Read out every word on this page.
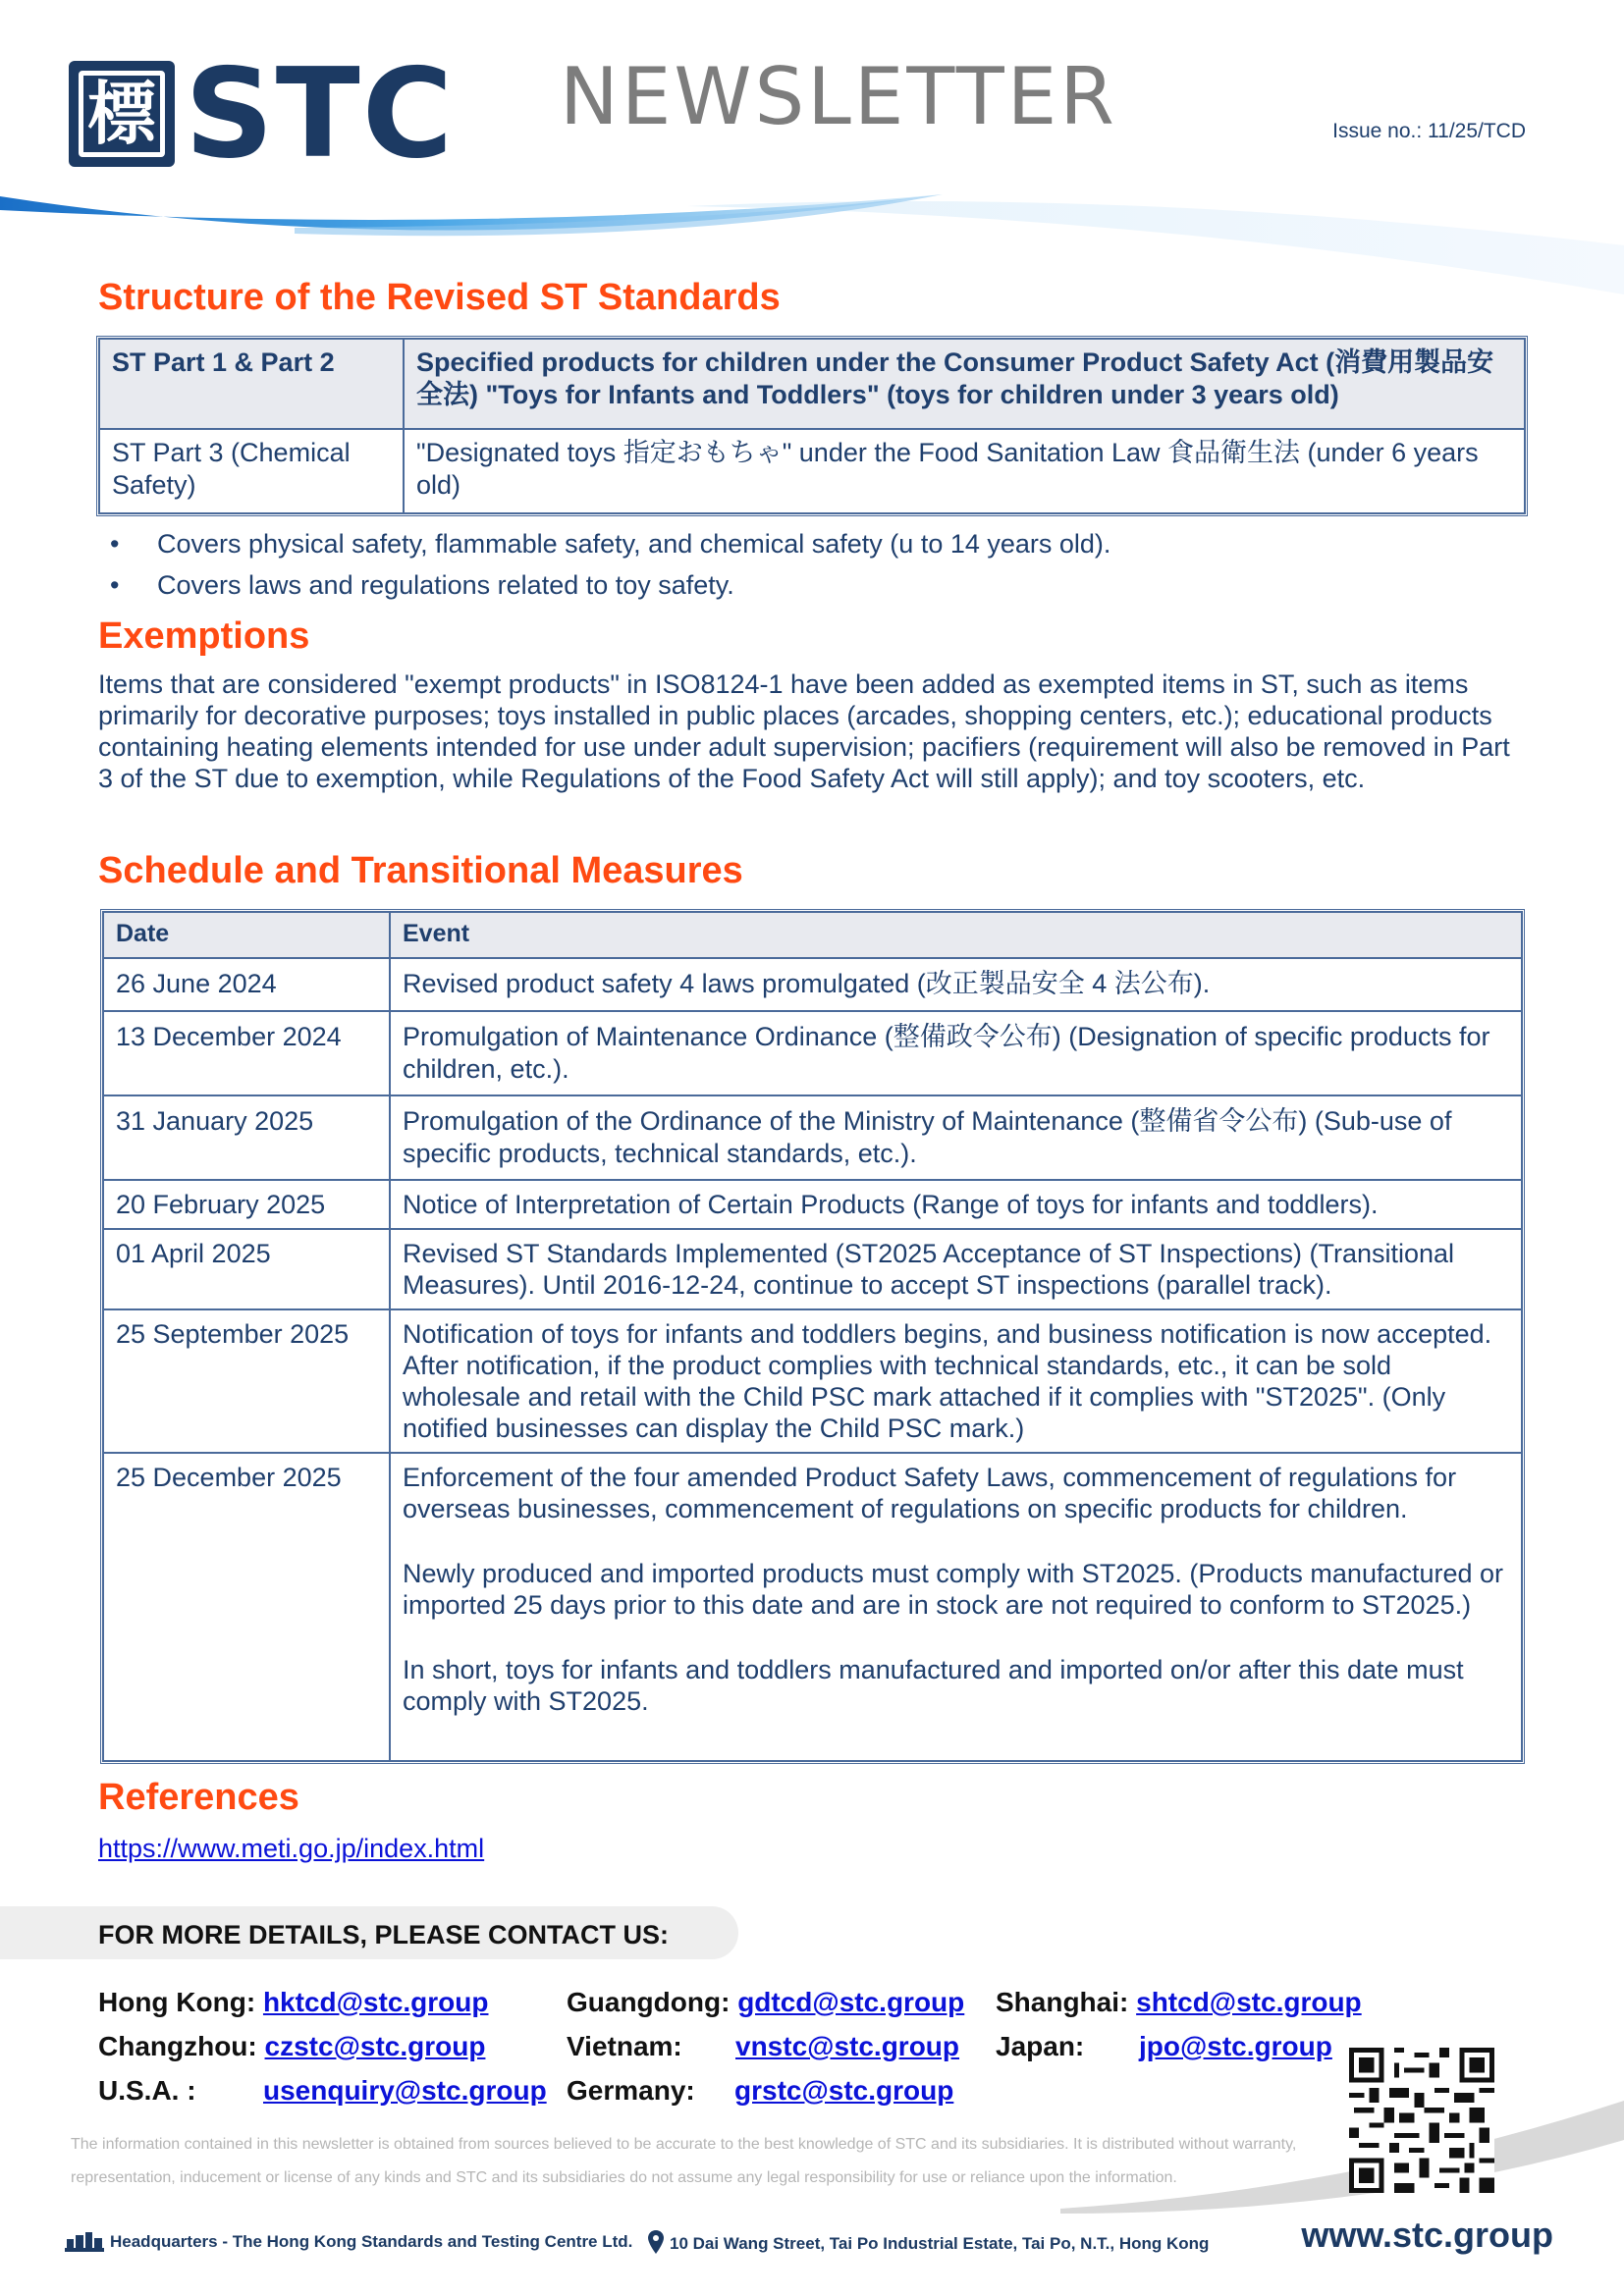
標 STC NEWSLETTER	Issue no.: 11/25/TCD
Structure of the Revised ST Standards
ST Part 1 & Part 2	Specified products for children under the Consumer Product Safety Act (消費用製品安全法) "Toys for Infants and Toddlers" (toys for children under 3 years old)
ST Part 3 (Chemical Safety)	"Designated toys 指定おもちゃ" under the Food Sanitation Law 食品衛生法 (under 6 years old)
• Covers physical safety, flammable safety, and chemical safety (u to 14 years old).
• Covers laws and regulations related to toy safety.
Exemptions
Items that are considered "exempt products" in ISO8124-1 have been added as exempted items in ST, such as items primarily for decorative purposes; toys installed in public places (arcades, shopping centers, etc.); educational products containing heating elements intended for use under adult supervision; pacifiers (requirement will also be removed in Part 3 of the ST due to exemption, while Regulations of the Food Safety Act will still apply); and toy scooters, etc.
Schedule and Transitional Measures
Date	Event
26 June 2024	Revised product safety 4 laws promulgated (改正製品安全 4 法公布).
13 December 2024	Promulgation of Maintenance Ordinance (整備政令公布) (Designation of specific products for children, etc.).
31 January 2025	Promulgation of the Ordinance of the Ministry of Maintenance (整備省令公布) (Sub-use of specific products, technical standards, etc.).
20 February 2025	Notice of Interpretation of Certain Products (Range of toys for infants and toddlers).
01 April 2025	Revised ST Standards Implemented (ST2025 Acceptance of ST Inspections) (Transitional Measures). Until 2016-12-24, continue to accept ST inspections (parallel track).
25 September 2025	Notification of toys for infants and toddlers begins, and business notification is now accepted. After notification, if the product complies with technical standards, etc., it can be sold wholesale and retail with the Child PSC mark attached if it complies with "ST2025". (Only notified businesses can display the Child PSC mark.)
25 December 2025	Enforcement of the four amended Product Safety Laws, commencement of regulations for overseas businesses, commencement of regulations on specific products for children.
Newly produced and imported products must comply with ST2025. (Products manufactured or imported 25 days prior to this date and are in stock are not required to conform to ST2025.)
In short, toys for infants and toddlers manufactured and imported on/or after this date must comply with ST2025.
References
https://www.meti.go.jp/index.html
FOR MORE DETAILS, PLEASE CONTACT US:
Hong Kong: hktcd@stc.group	Guangdong: gdtcd@stc.group Shanghai: shtcd@stc.group
Changzhou: czstc@stc.group	Vietnam: vnstc@stc.group Japan: jpo@stc.group
U.S.A. : usenquiry@stc.group Germany: grstc@stc.group
The information contained in this newsletter is obtained from sources believed to be accurate to the best knowledge of STC and its subsidiaries. It is distributed without warranty, representation, inducement or license of any kinds and STC and its subsidiaries do not assume any legal responsibility for use or reliance upon the information.
Headquarters - The Hong Kong Standards and Testing Centre Ltd.	10 Dai Wang Street, Tai Po Industrial Estate, Tai Po, N.T., Hong Kong	www.stc.group
